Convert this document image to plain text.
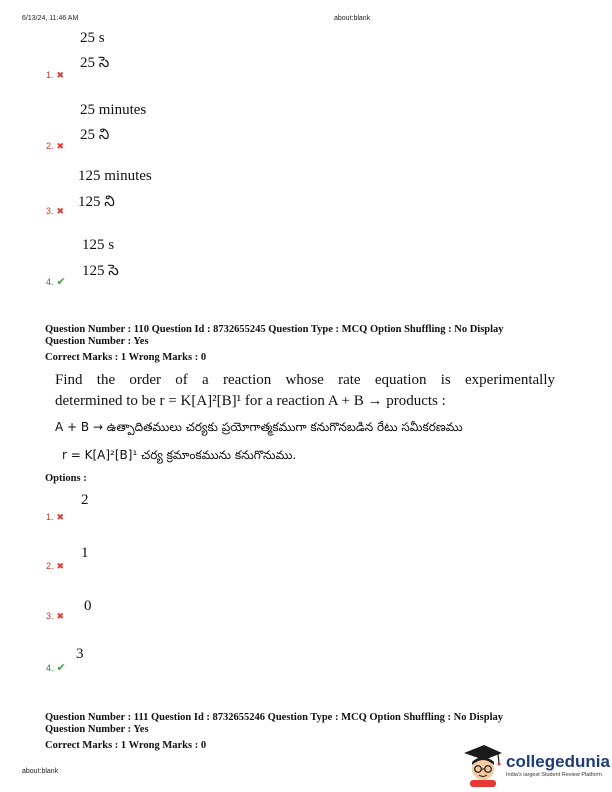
6/13/24, 11:46 AM	about:blank
25 s
25 సె
1. ✖
25 minutes
25 ని
2. ✖
125 minutes
125 ని
3. ✖
125 s
125 సె
4. ✔
Question Number : 110 Question Id : 8732655245 Question Type : MCQ Option Shuffling : No Display
Question Number : Yes
Correct Marks : 1 Wrong Marks : 0
Find the order of a reaction whose rate equation is experimentally
determined to be r = K[A]²[B]¹ for a reaction A + B → products :
A + B → ఉత్పాదితములు చర్యకు ప్రయోగాత్మకముగా కనుగొనబడిన రేటు సమీకరణము
r = K[A]²[B]¹ చర్య క్రమాంకమును కనుగొనుము.
Options :
2
1. ✖
1
2. ✖
0
3. ✖
3
4. ✔
Question Number : 111 Question Id : 8732655246 Question Type : MCQ Option Shuffling : No Display
Question Number : Yes
Correct Marks : 1 Wrong Marks : 0
about:blank
collegedunia
India's largest Student Review Platform
